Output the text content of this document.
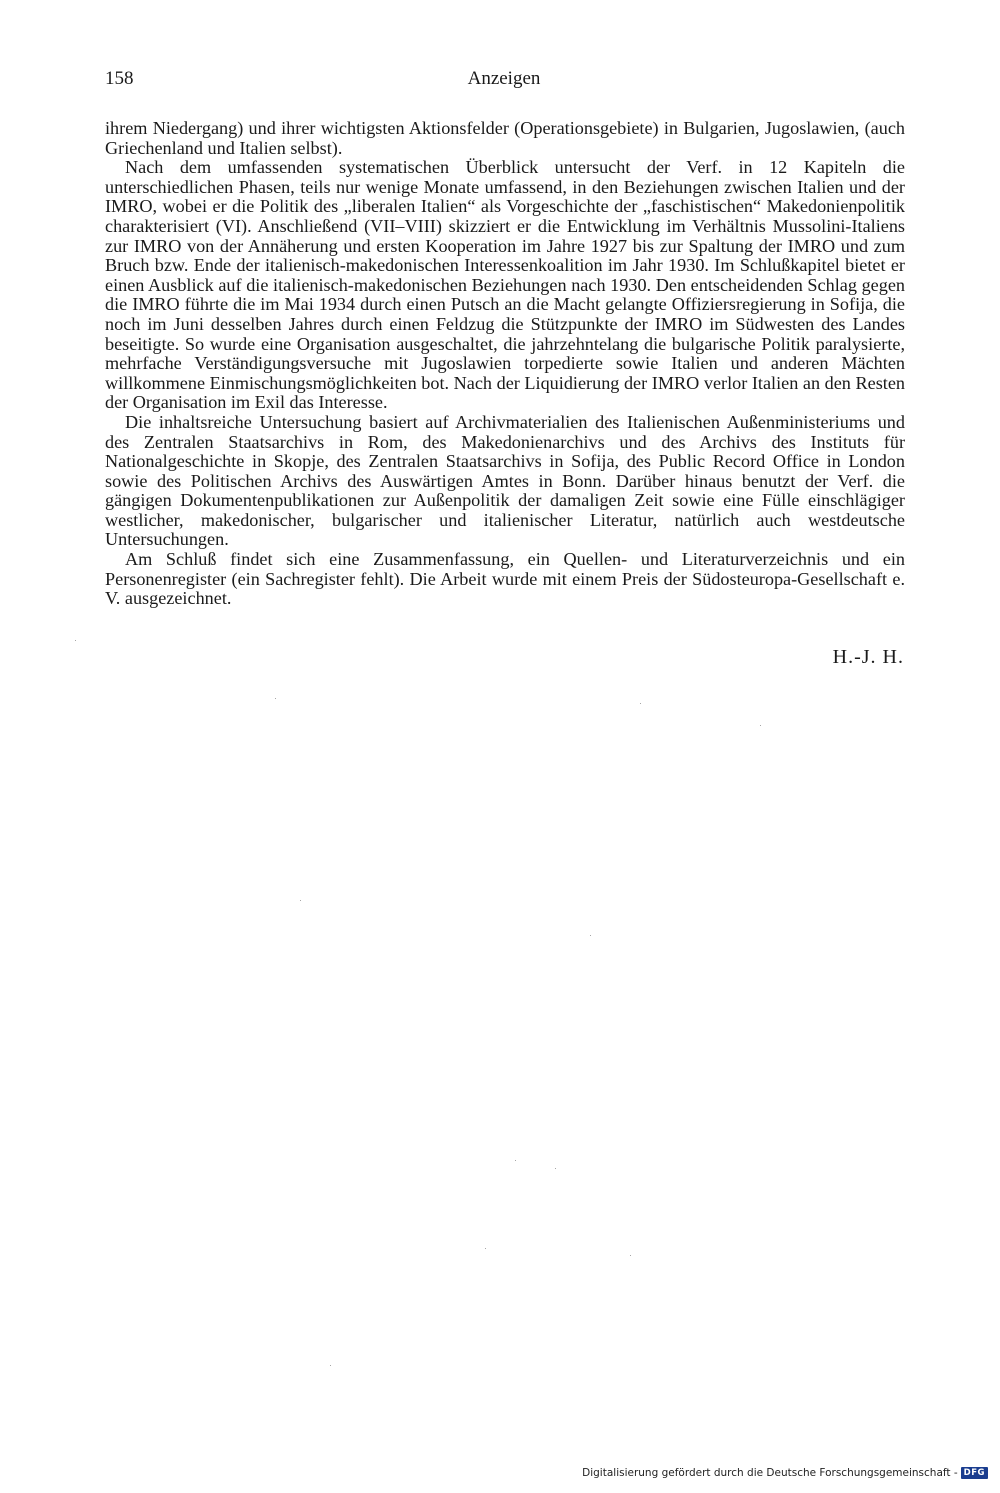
158	Anzeigen

ihrem Niedergang) und ihrer wichtigsten Aktionsfelder (Operationsgebiete) in Bulgarien, Jugoslawien, (auch Griechenland und Italien selbst).

Nach dem umfassenden systematischen Überblick untersucht der Verf. in 12 Kapiteln die unterschiedlichen Phasen, teils nur wenige Monate umfassend, in den Beziehungen zwischen Italien und der IMRO, wobei er die Politik des „liberalen Italien“ als Vorgeschichte der „faschistischen“ Makedonienpolitik charakterisiert (VI). Anschließend (VII–VIII) skizziert er die Entwicklung im Verhältnis Mussolini-Italiens zur IMRO von der Annäherung und ersten Kooperation im Jahre 1927 bis zur Spaltung der IMRO und zum Bruch bzw. Ende der italienisch-makedonischen Interessenkoalition im Jahr 1930. Im Schlußkapitel bietet er einen Ausblick auf die italienisch-makedonischen Beziehungen nach 1930. Den entscheidenden Schlag gegen die IMRO führte die im Mai 1934 durch einen Putsch an die Macht gelangte Offiziersregierung in Sofija, die noch im Juni desselben Jahres durch einen Feldzug die Stützpunkte der IMRO im Südwesten des Landes beseitigte. So wurde eine Organisation ausgeschaltet, die jahrzehntelang die bulgarische Politik paralysierte, mehrfache Verständigungsversuche mit Jugoslawien torpedierte sowie Italien und anderen Mächten willkommene Einmischungsmöglichkeiten bot. Nach der Liquidierung der IMRO verlor Italien an den Resten der Organisation im Exil das Interesse.

Die inhaltsreiche Untersuchung basiert auf Archivmaterialien des Italienischen Außenministeriums und des Zentralen Staatsarchivs in Rom, des Makedonienarchivs und des Archivs des Instituts für Nationalgeschichte in Skopje, des Zentralen Staatsarchivs in Sofija, des Public Record Office in London sowie des Politischen Archivs des Auswärtigen Amtes in Bonn. Darüber hinaus benutzt der Verf. die gängigen Dokumentenpublikationen zur Außenpolitik der damaligen Zeit sowie eine Fülle einschlägiger westlicher, makedonischer, bulgarischer und italienischer Literatur, natürlich auch westdeutsche Untersuchungen.

Am Schluß findet sich eine Zusammenfassung, ein Quellen- und Literaturverzeichnis und ein Personenregister (ein Sachregister fehlt). Die Arbeit wurde mit einem Preis der Südosteuropa-Gesellschaft e. V. ausgezeichnet.

H.-J. H.
Digitalisierung gefördert durch die Deutsche Forschungsgemeinschaft - DFG
